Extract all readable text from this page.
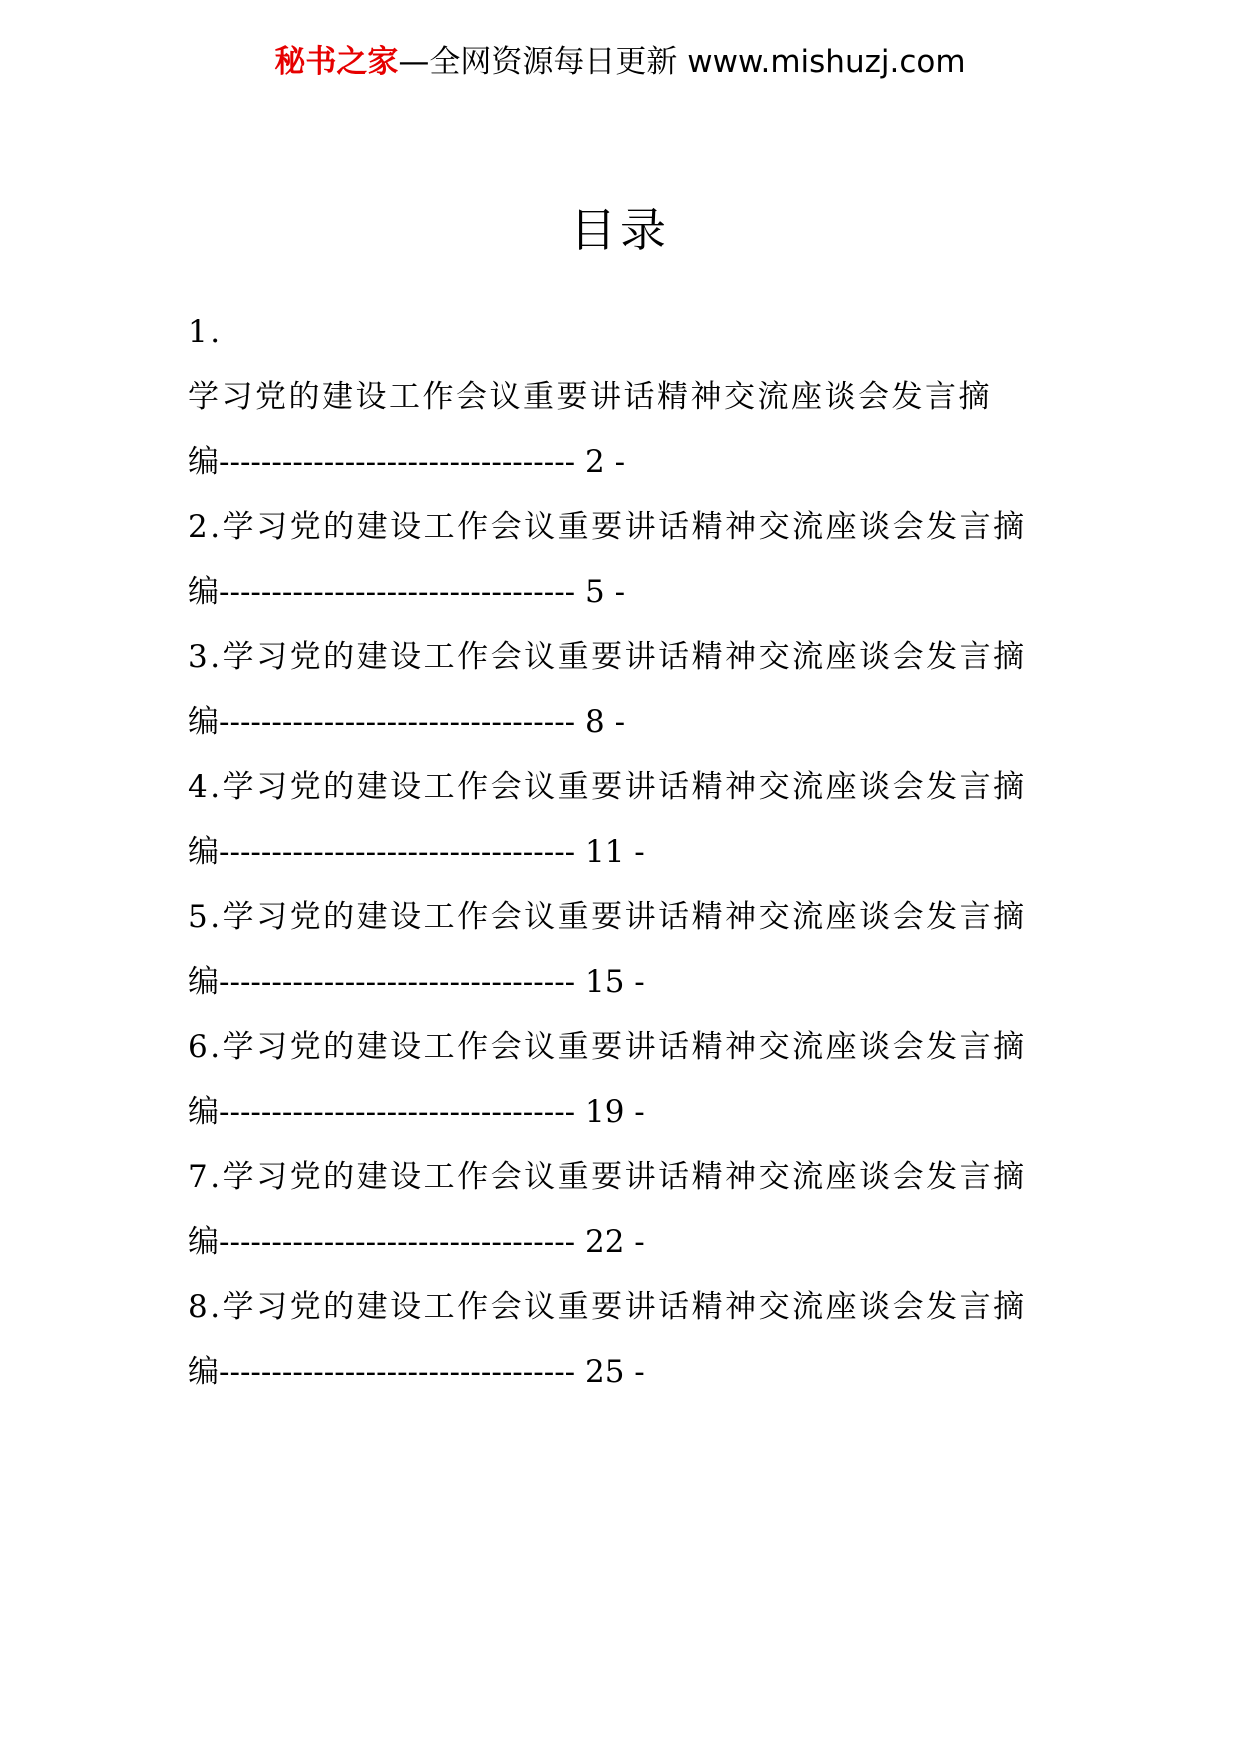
秘书之家—全网资源每日更新 www.mishuzj.com
目录
1.
学习党的建设工作会议重要讲话精神交流座谈会发言摘
编---------------------------------- 2 -
2.学习党的建设工作会议重要讲话精神交流座谈会发言摘
编---------------------------------- 5 -
3.学习党的建设工作会议重要讲话精神交流座谈会发言摘
编---------------------------------- 8 -
4.学习党的建设工作会议重要讲话精神交流座谈会发言摘
编---------------------------------- 11 -
5.学习党的建设工作会议重要讲话精神交流座谈会发言摘
编---------------------------------- 15 -
6.学习党的建设工作会议重要讲话精神交流座谈会发言摘
编---------------------------------- 19 -
7.学习党的建设工作会议重要讲话精神交流座谈会发言摘
编---------------------------------- 22 -
8.学习党的建设工作会议重要讲话精神交流座谈会发言摘
编---------------------------------- 25 -
